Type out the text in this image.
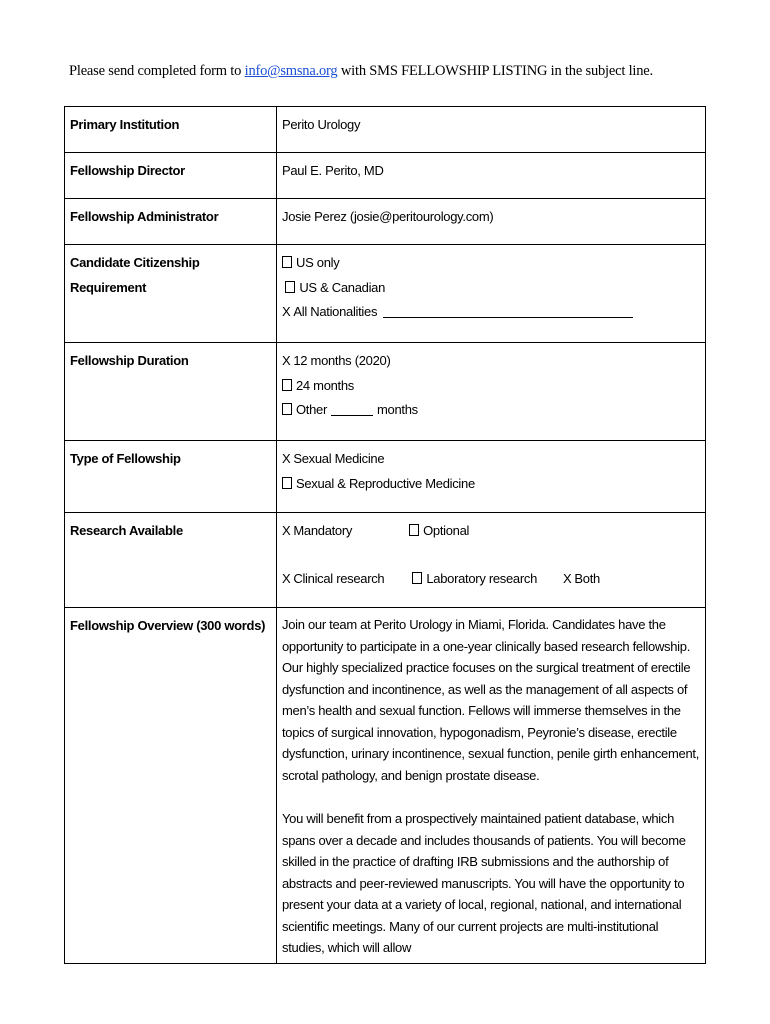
Please send completed form to info@smsna.org with SMS FELLOWSHIP LISTING in the subject line.
Primary Institution	Perito Urology
Fellowship Director	Paul E. Perito, MD
Fellowship Administrator	Josie Perez (josie@peritourology.com)
Candidate Citizenship Requirement	US only
US & Canadian
X All Nationalities

Fellowship Duration	X 12 months (2020)
24 months
Other months

Type of Fellowship	X Sexual Medicine
Sexual & Reproductive Medicine

Research Available	X Mandatory Optional
X Clinical research Laboratory research X Both

Fellowship Overview (300 words)	Join our team at Perito Urology in Miami, Florida. Candidates have the opportunity to participate in a one-year clinically based research fellowship. Our highly specialized practice focuses on the surgical treatment of erectile dysfunction and incontinence, as well as the management of all aspects of men’s health and sexual function. Fellows will immerse themselves in the topics of surgical innovation, hypogonadism, Peyronie’s disease, erectile dysfunction, urinary incontinence, sexual function, penile girth enhancement, scrotal pathology, and benign prostate disease.
You will benefit from a prospectively maintained patient database, which spans over a decade and includes thousands of patients. You will become skilled in the practice of drafting IRB submissions and the authorship of abstracts and peer-reviewed manuscripts. You will have the opportunity to present your data at a variety of local, regional, national, and international scientific meetings. Many of our current projects are multi-institutional studies, which will allow
